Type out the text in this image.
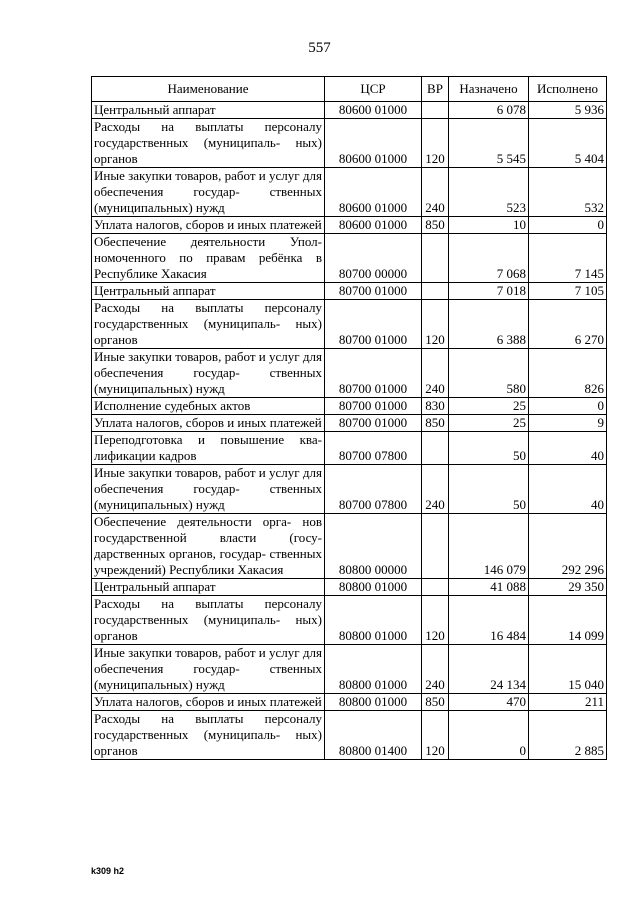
557
Наименование	ЦСР	ВР	Назначено	Исполнено
Центральный аппарат	80600 01000		6 078	5 936
Расходы на выплаты персоналу государственных (муниципаль- ных) органов	80600 01000	120	5 545	5 404
Иные закупки товаров, работ и услуг для обеспечения государ- ственных (муниципальных) нужд	80600 01000	240	523	532
Уплата налогов, сборов и иных платежей	80600 01000	850	10	0
Обеспечение деятельности Упол- номоченного по правам ребёнка в Республике Хакасия	80700 00000		7 068	7 145
Центральный аппарат	80700 01000		7 018	7 105
Расходы на выплаты персоналу государственных (муниципаль- ных) органов	80700 01000	120	6 388	6 270
Иные закупки товаров, работ и услуг для обеспечения государ- ственных (муниципальных) нужд	80700 01000	240	580	826
Исполнение судебных актов	80700 01000	830	25	0
Уплата налогов, сборов и иных платежей	80700 01000	850	25	9
Переподготовка и повышение ква- лификации кадров	80700 07800		50	40
Иные закупки товаров, работ и услуг для обеспечения государ- ственных (муниципальных) нужд	80700 07800	240	50	40
Обеспечение деятельности орга- нов государственной власти (госу- дарственных органов, государ- ственных учреждений) Республики Хакасия	80800 00000		146 079	292 296
Центральный аппарат	80800 01000		41 088	29 350
Расходы на выплаты персоналу государственных (муниципаль- ных) органов	80800 01000	120	16 484	14 099
Иные закупки товаров, работ и услуг для обеспечения государ- ственных (муниципальных) нужд	80800 01000	240	24 134	15 040
Уплата налогов, сборов и иных платежей	80800 01000	850	470	211
Расходы на выплаты персоналу государственных (муниципаль- ных) органов	80800 01400	120	0	2 885
k309 h2
